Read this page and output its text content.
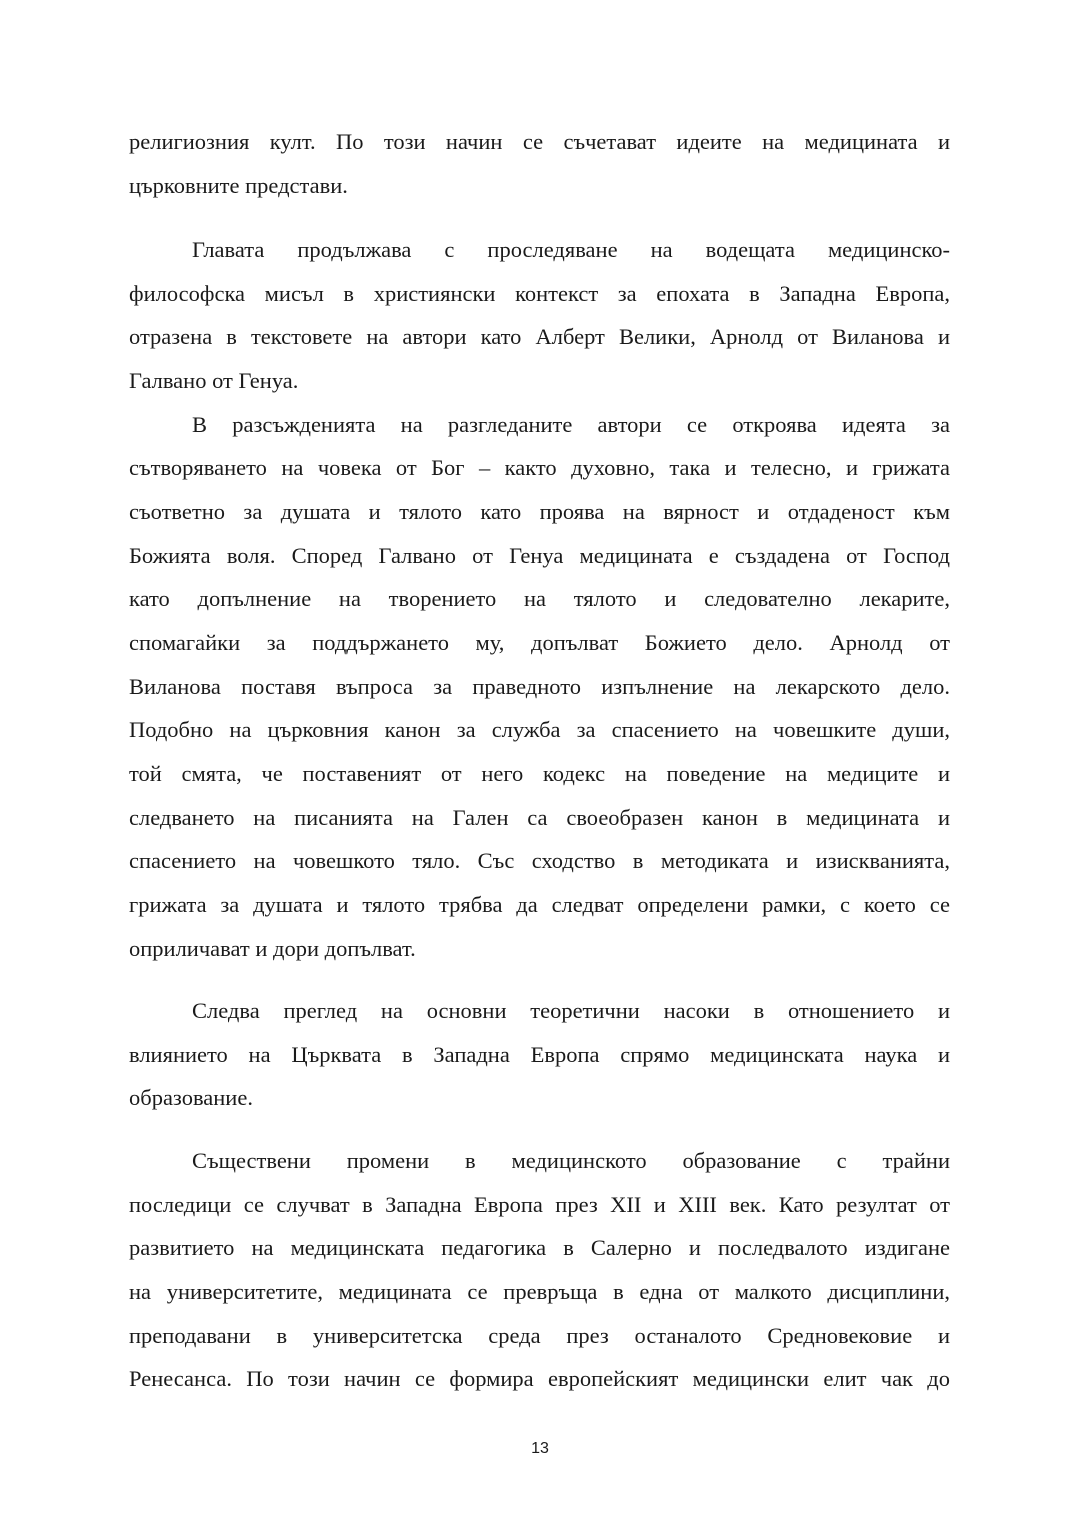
религиозния култ. По този начин се съчетават идеите на медицината и
църковните представи.
Главата продължава с проследяване на водещата медицинско-
философска мисъл в християнски контекст за епохата в Западна Европа,
отразена в текстовете на автори като Алберт Велики, Арнолд от Виланова и
Галвано от Генуа.
В разсъжденията на разгледаните автори се откроява идеята за
сътворяването на човека от Бог – както духовно, така и телесно, и грижата
съответно за душата и тялото като проява на вярност и отдаденост към
Божията воля. Според Галвано от Генуа медицината е създадена от Господ
като допълнение на творението на тялото и следователно лекарите,
спомагайки за поддържането му, допълват Божието дело. Арнолд от
Виланова поставя въпроса за праведното изпълнение на лекарското дело.
Подобно на църковния канон за служба за спасението на човешките души,
той смята, че поставеният от него кодекс на поведение на медиците и
следването на писанията на Гален са своеобразен канон в медицината и
спасението на човешкото тяло. Със сходство в методиката и изискванията,
грижата за душата и тялото трябва да следват определени рамки, с което се
оприличават и дори допълват.
Следва преглед на основни теоретични насоки в отношението и
влиянието на Църквата в Западна Европа спрямо медицинската наука и
образование.
Съществени промени в медицинското образование с трайни
последици се случват в Западна Европа през XII и XIII век. Като резултат от
развитието на медицинската педагогика в Салерно и последвалото издигане
на университетите, медицината се превръща в една от малкото дисциплини,
преподавани в университетска среда през останалото Средновековие и
Ренесанса. По този начин се формира европейският медицински елит чак до
13
